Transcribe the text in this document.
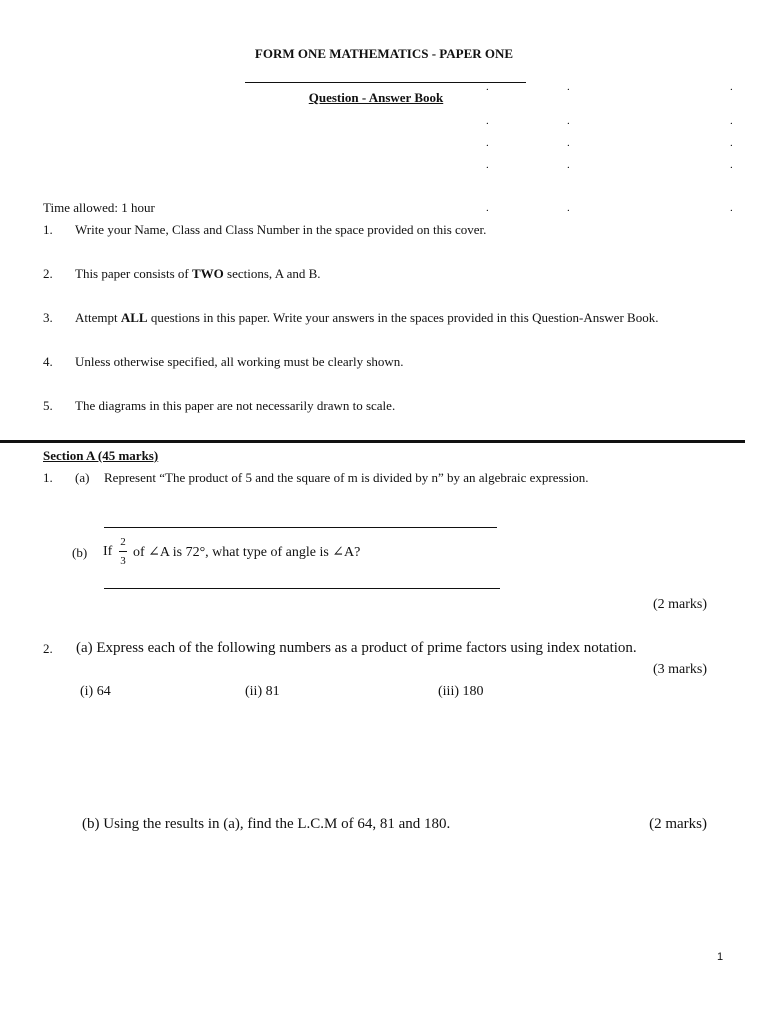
FORM ONE MATHEMATICS - PAPER ONE
Question - Answer Book
.	.	.
.	.	.
.	.	.
.	.	.
.	.	.
Time allowed: 1 hour
1. Write your Name, Class and Class Number in the space provided on this cover.
2. This paper consists of TWO sections, A and B.
3. Attempt ALL questions in this paper. Write your answers in the spaces provided in this Question-Answer Book.
4. Unless otherwise specified, all working must be clearly shown.
5. The diagrams in this paper are not necessarily drawn to scale.
Section A (45 marks)
1. (a) Represent “The product of 5 and the square of m is divided by n” by an algebraic expression.
(b) If
2
3
of ∠A is 72°, what type of angle is ∠A?
(2 marks)
2. (a) Express each of the following numbers as a product of prime factors using index notation.
(3 marks)
(i) 64	(ii) 81	(iii) 180
(b) Using the results in (a), find the L.C.M of 64, 81 and 180.	(2 marks)
1
